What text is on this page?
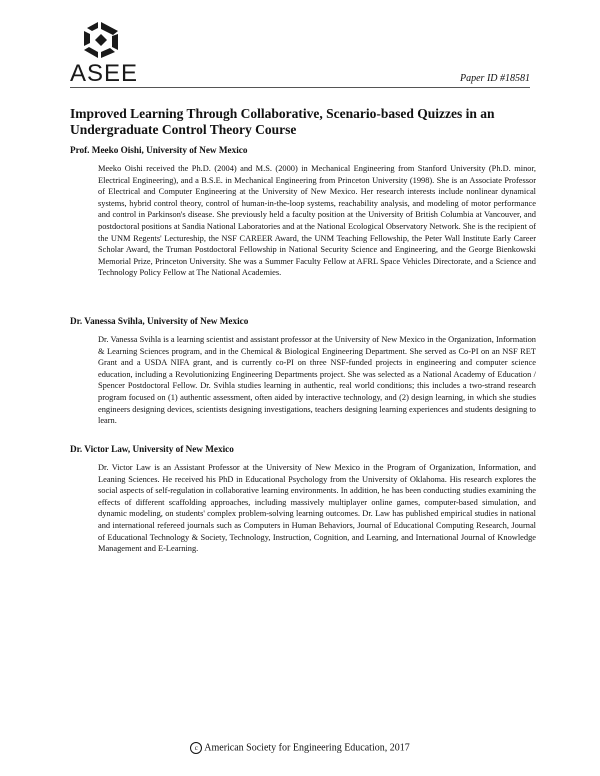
ASEE	Paper ID #18581
Improved Learning Through Collaborative, Scenario-based Quizzes in an Undergraduate Control Theory Course

Prof. Meeko Oishi, University of New Mexico

Meeko Oishi received the Ph.D. (2004) and M.S. (2000) in Mechanical Engineering from Stanford University (Ph.D. minor, Electrical Engineering), and a B.S.E. in Mechanical Engineering from Princeton University (1998). She is an Associate Professor of Electrical and Computer Engineering at the University of New Mexico. Her research interests include nonlinear dynamical systems, hybrid control theory, control of human-in-the-loop systems, reachability analysis, and modeling of motor performance and control in Parkinson's disease. She previously held a faculty position at the University of British Columbia at Vancouver, and postdoctoral positions at Sandia National Laboratories and at the National Ecological Observatory Network. She is the recipient of the UNM Regents' Lectureship, the NSF CAREER Award, the UNM Teaching Fellowship, the Peter Wall Institute Early Career Scholar Award, the Truman Postdoctoral Fellowship in National Security Science and Engineering, and the George Bienkowski Memorial Prize, Princeton University. She was a Summer Faculty Fellow at AFRL Space Vehicles Directorate, and a Science and Technology Policy Fellow at The National Academies.

Dr. Vanessa Svihla, University of New Mexico

Dr. Vanessa Svihla is a learning scientist and assistant professor at the University of New Mexico in the Organization, Information & Learning Sciences program, and in the Chemical & Biological Engineering Department. She served as Co-PI on an NSF RET Grant and a USDA NIFA grant, and is currently co-PI on three NSF-funded projects in engineering and computer science education, including a Revolutionizing Engineering Departments project. She was selected as a National Academy of Education / Spencer Postdoctoral Fellow. Dr. Svihla studies learning in authentic, real world conditions; this includes a two-strand research program focused on (1) authentic assessment, often aided by interactive technology, and (2) design learning, in which she studies engineers designing devices, scientists designing investigations, teachers designing learning experiences and students designing to learn.

Dr. Victor Law, University of New Mexico

Dr. Victor Law is an Assistant Professor at the University of New Mexico in the Program of Organization, Information, and Leaning Sciences. He received his PhD in Educational Psychology from the University of Oklahoma. His research explores the social aspects of self-regulation in collaborative learning environments. In addition, he has been conducting studies examining the effects of different scaffolding approaches, including massively multiplayer online games, computer-based simulation, and dynamic modeling, on students' complex problem-solving learning outcomes. Dr. Law has published empirical studies in national and international refereed journals such as Computers in Human Behaviors, Journal of Educational Computing Research, Journal of Educational Technology & Society, Technology, Instruction, Cognition, and Learning, and International Journal of Knowledge Management and E-Learning.

c American Society for Engineering Education, 2017
